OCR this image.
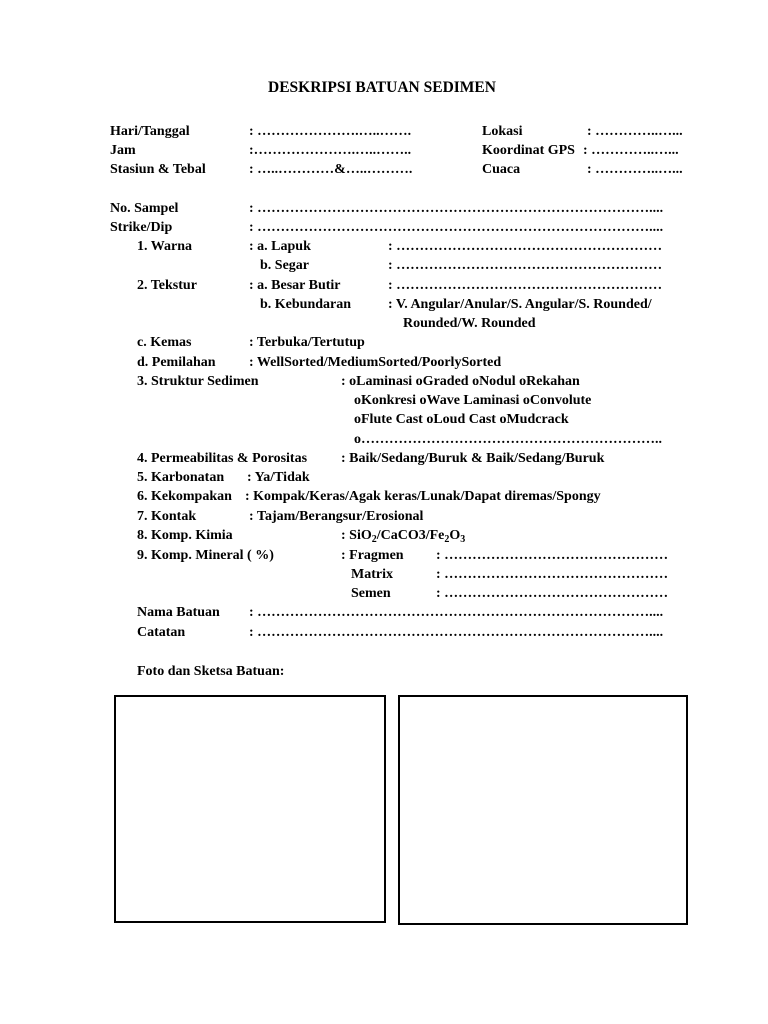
DESKRIPSI BATUAN SEDIMEN
Hari/Tanggal	: ………………….…..…….
Jam	:………………….…..……..
Stasiun & Tebal	: …..…………&…..……….
Lokasi	: …………..…...
Koordinat GPS : …………..…...
Cuaca	: …………..…...
No. Sampel	: …………………………………………………………………………....
Strike/Dip	: …………………………………………………………………………....
1. Warna	: a. Lapuk	: …………………………………………………
b. Segar	: …………………………………………………
2. Tekstur	: a. Besar Butir	: …………………………………………………
b. Kebundaran	: V. Angular/Anular/S. Angular/S. Rounded/
Rounded/W. Rounded
c. Kemas	: Terbuka/Tertutup
d. Pemilahan : WellSorted/MediumSorted/PoorlySorted
3. Struktur Sedimen	: oLaminasi oGraded oNodul oRekahan
oKonkresi oWave Laminasi oConvolute
oFlute Cast oLoud Cast oMudcrack
o………………………………………………………..
4. Permeabilitas & Porositas : Baik/Sedang/Buruk & Baik/Sedang/Buruk
5. Karbonatan : Ya/Tidak
6. Kekompakan : Kompak/Keras/Agak keras/Lunak/Dapat diremas/Spongy
7. Kontak	: Tajam/Berangsur/Erosional
8. Komp. Kimia	: $SiO_2/CaCO3/Fe_2O_3$
9. Komp. Mineral ( %)	: Fragmen : …………………………………………
Matrix	: …………………………………………
Semen	: …………………………………………
Nama Batuan : …………………………………………………………………………....
Catatan	: …………………………………………………………………………....
Foto dan Sketsa Batuan:
